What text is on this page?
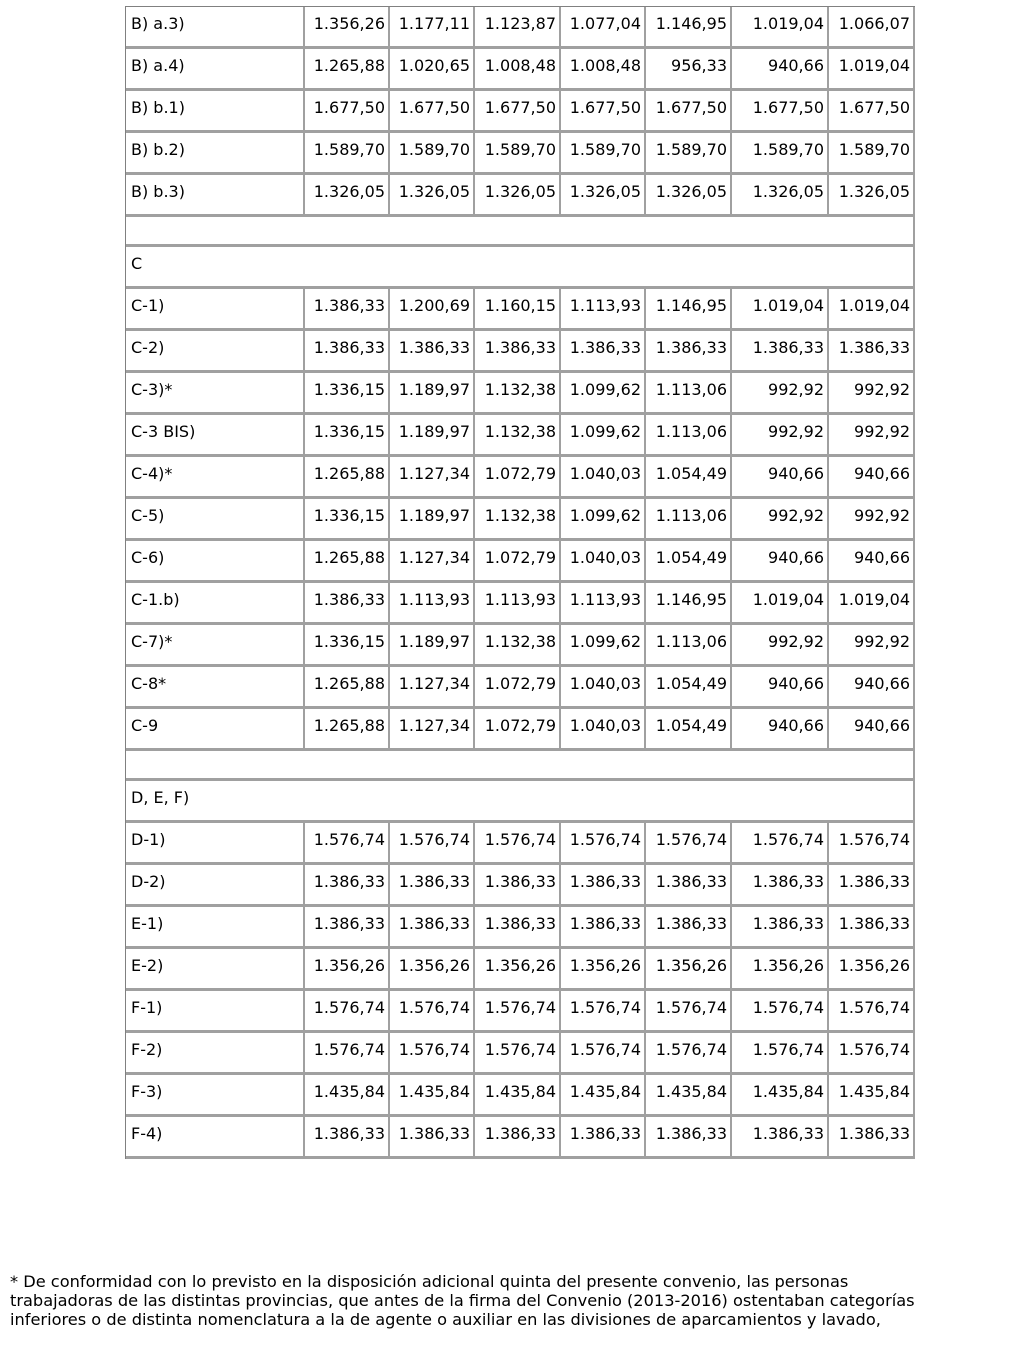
B) a.3)	1.356,26	1.177,11	1.123,87	1.077,04	1.146,95	1.019,04	1.066,07
B) a.4)	1.265,88	1.020,65	1.008,48	1.008,48	956,33	940,66	1.019,04
B) b.1)	1.677,50	1.677,50	1.677,50	1.677,50	1.677,50	1.677,50	1.677,50
B) b.2)	1.589,70	1.589,70	1.589,70	1.589,70	1.589,70	1.589,70	1.589,70
B) b.3)	1.326,05	1.326,05	1.326,05	1.326,05	1.326,05	1.326,05	1.326,05

C							
C-1)	1.386,33	1.200,69	1.160,15	1.113,93	1.146,95	1.019,04	1.019,04
C-2)	1.386,33	1.386,33	1.386,33	1.386,33	1.386,33	1.386,33	1.386,33
C-3)*	1.336,15	1.189,97	1.132,38	1.099,62	1.113,06	992,92	992,92
C-3 BIS)	1.336,15	1.189,97	1.132,38	1.099,62	1.113,06	992,92	992,92
C-4)*	1.265,88	1.127,34	1.072,79	1.040,03	1.054,49	940,66	940,66
C-5)	1.336,15	1.189,97	1.132,38	1.099,62	1.113,06	992,92	992,92
C-6)	1.265,88	1.127,34	1.072,79	1.040,03	1.054,49	940,66	940,66
C-1.b)	1.386,33	1.113,93	1.113,93	1.113,93	1.146,95	1.019,04	1.019,04
C-7)*	1.336,15	1.189,97	1.132,38	1.099,62	1.113,06	992,92	992,92
C-8*	1.265,88	1.127,34	1.072,79	1.040,03	1.054,49	940,66	940,66
C-9	1.265,88	1.127,34	1.072,79	1.040,03	1.054,49	940,66	940,66

D, E, F)							
D-1)	1.576,74	1.576,74	1.576,74	1.576,74	1.576,74	1.576,74	1.576,74
D-2)	1.386,33	1.386,33	1.386,33	1.386,33	1.386,33	1.386,33	1.386,33
E-1)	1.386,33	1.386,33	1.386,33	1.386,33	1.386,33	1.386,33	1.386,33
E-2)	1.356,26	1.356,26	1.356,26	1.356,26	1.356,26	1.356,26	1.356,26
F-1)	1.576,74	1.576,74	1.576,74	1.576,74	1.576,74	1.576,74	1.576,74
F-2)	1.576,74	1.576,74	1.576,74	1.576,74	1.576,74	1.576,74	1.576,74
F-3)	1.435,84	1.435,84	1.435,84	1.435,84	1.435,84	1.435,84	1.435,84
F-4)	1.386,33	1.386,33	1.386,33	1.386,33	1.386,33	1.386,33	1.386,33
* De conformidad con lo previsto en la disposición adicional quinta del presente convenio, las personas
trabajadoras de las distintas provincias, que antes de la firma del Convenio (2013-2016) ostentaban categorías
inferiores o de distinta nomenclatura a la de agente o auxiliar en las divisiones de aparcamientos y lavado,
